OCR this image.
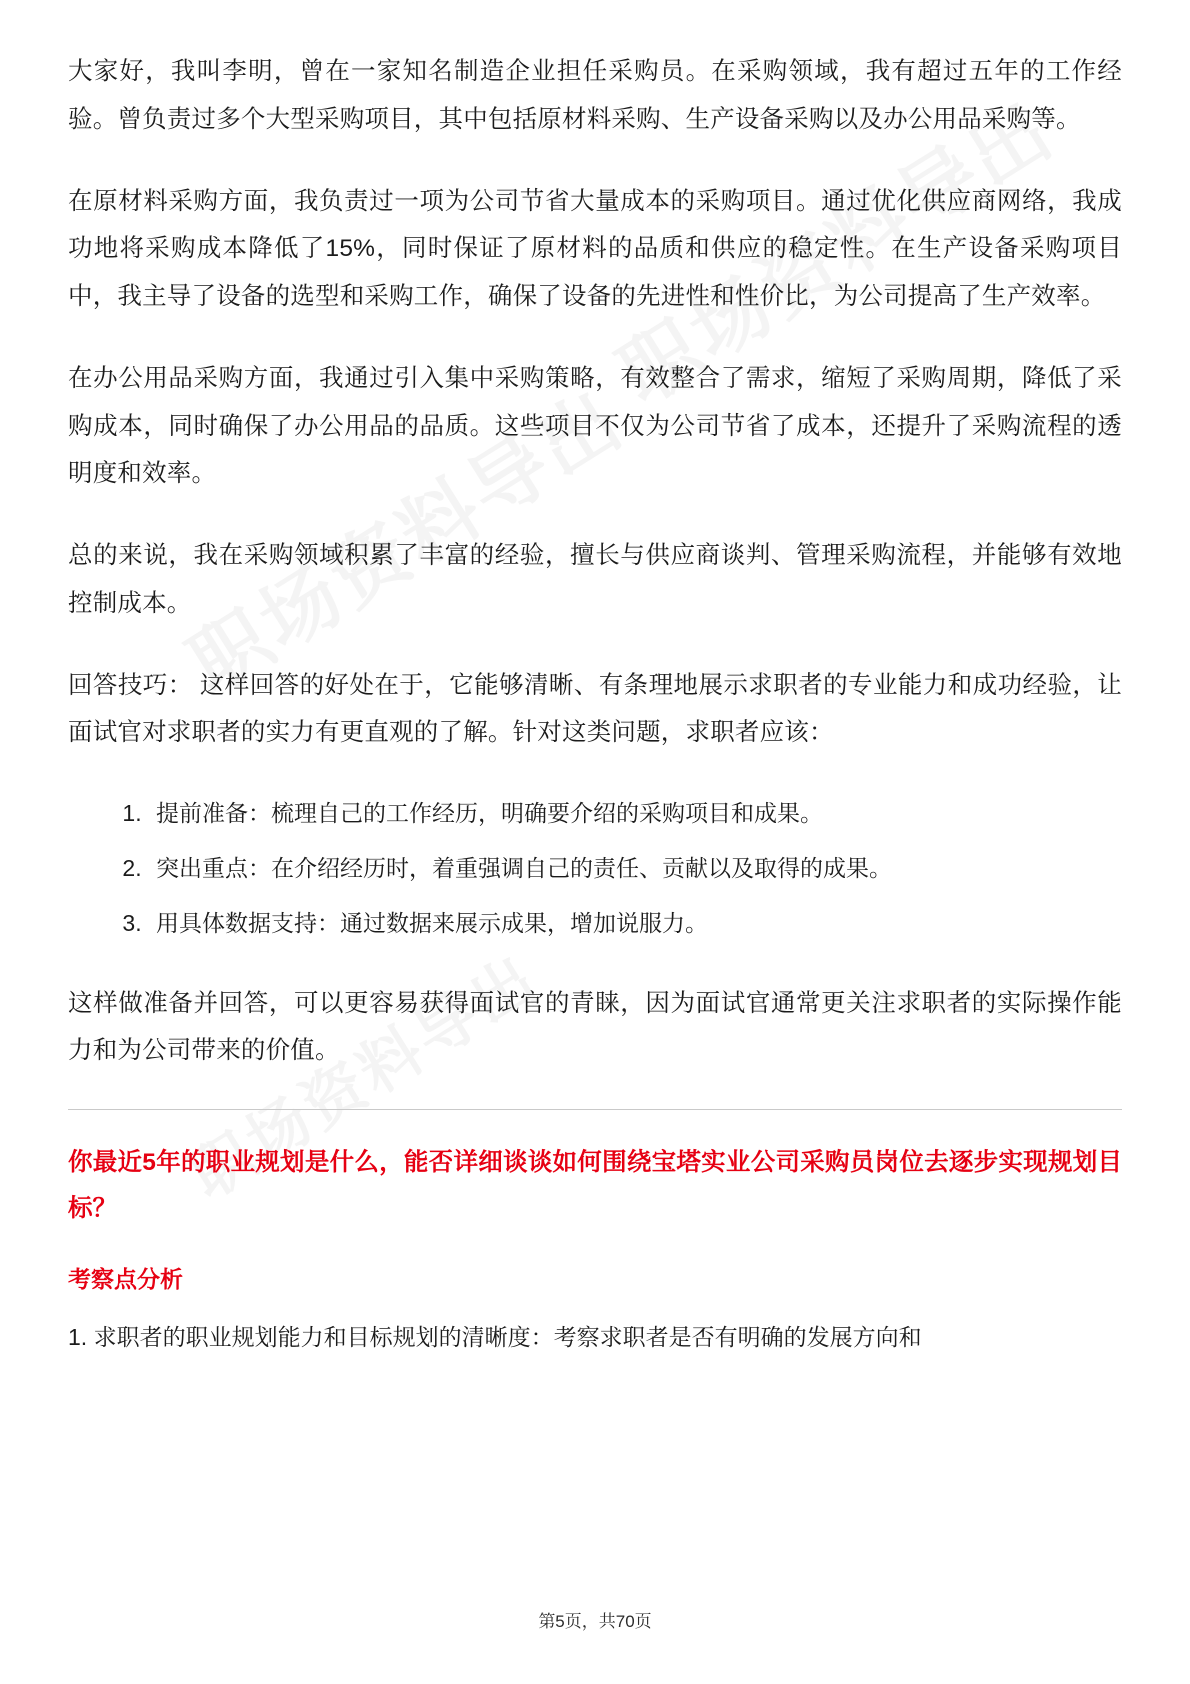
大家好，我叫李明，曾在一家知名制造企业担任采购员。在采购领域，我有超过五年的工作经验。曾负责过多个大型采购项目，其中包括原材料采购、生产设备采购以及办公用品采购等。

在原材料采购方面，我负责过一项为公司节省大量成本的采购项目。通过优化供应商网络，我成功地将采购成本降低了15%，同时保证了原材料的品质和供应的稳定性。在生产设备采购项目中，我主导了设备的选型和采购工作，确保了设备的先进性和性价比，为公司提高了生产效率。

在办公用品采购方面，我通过引入集中采购策略，有效整合了需求，缩短了采购周期，降低了采购成本，同时确保了办公用品的品质。这些项目不仅为公司节省了成本，还提升了采购流程的透明度和效率。

总的来说，我在采购领域积累了丰富的经验，擅长与供应商谈判、管理采购流程，并能够有效地控制成本。

回答技巧： 这样回答的好处在于，它能够清晰、有条理地展示求职者的专业能力和成功经验，让面试官对求职者的实力有更直观的了解。针对这类问题，求职者应该：

1. 提前准备：梳理自己的工作经历，明确要介绍的采购项目和成果。
2. 突出重点：在介绍经历时，着重强调自己的责任、贡献以及取得的成果。
3. 用具体数据支持：通过数据来展示成果，增加说服力。

这样做准备并回答，可以更容易获得面试官的青睐，因为面试官通常更关注求职者的实际操作能力和为公司带来的价值。

你最近5年的职业规划是什么，能否详细谈谈如何围绕宝塔实业公司采购员岗位去逐步实现规划目标？

考察点分析

1. 求职者的职业规划能力和目标规划的清晰度：考察求职者是否有明确的发展方向和

第5页，共70页
